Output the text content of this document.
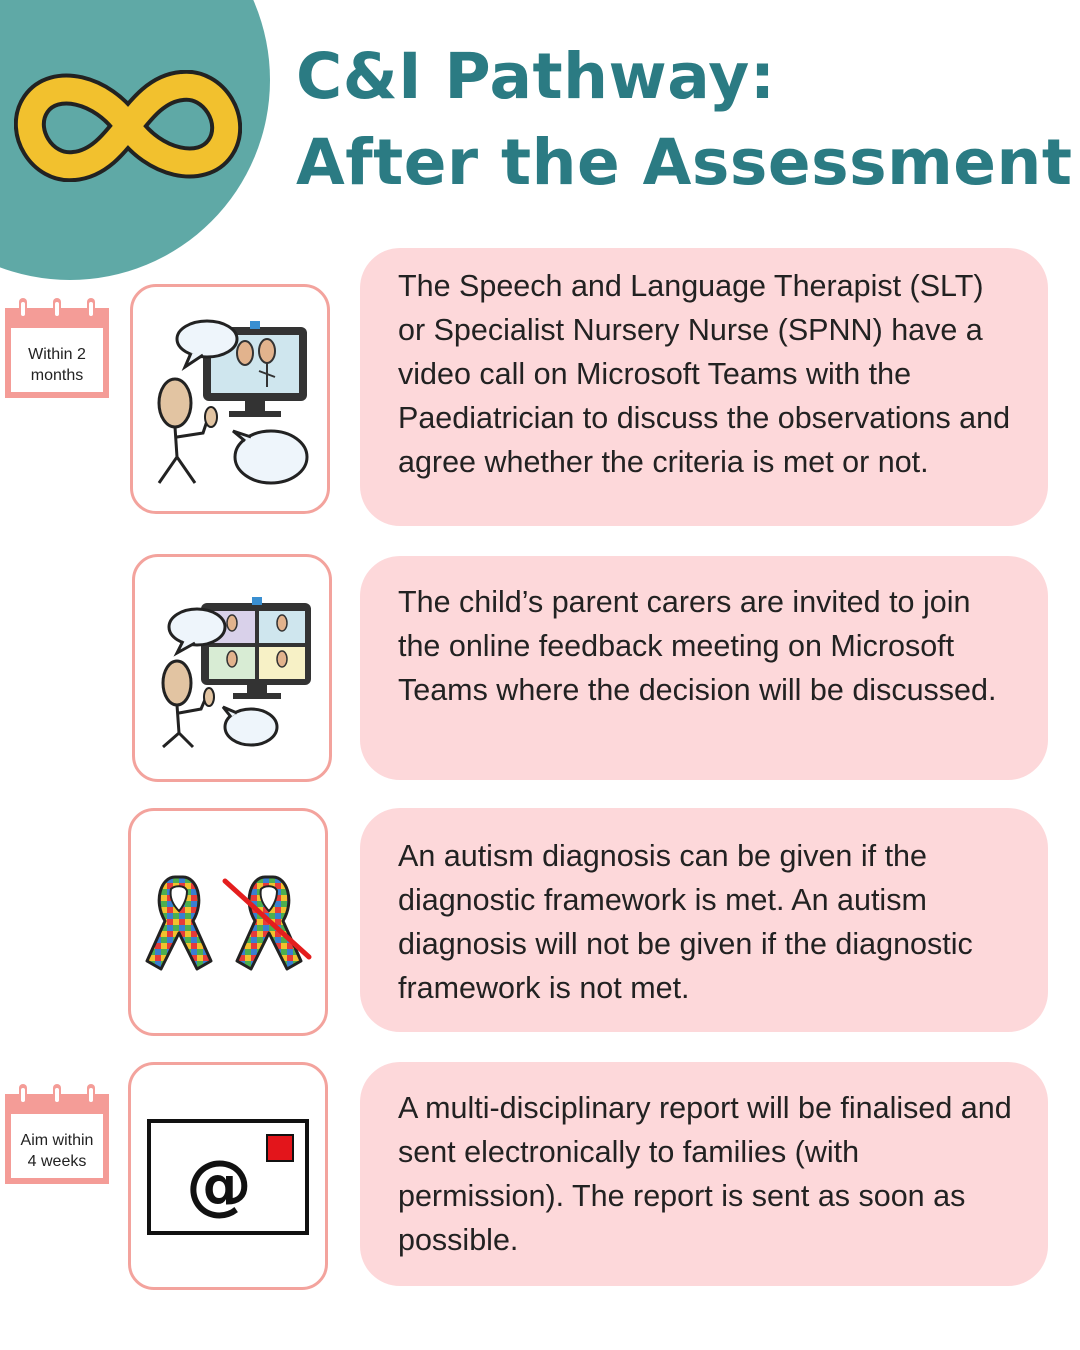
C&I Pathway:
After the Assessment
Within 2 months
The Speech and Language Therapist (SLT) or Specialist Nursery Nurse (SPNN) have a video call on Microsoft Teams with the Paediatrician to discuss the observations and agree whether the criteria is met or not.
The child’s parent carers are invited to join the online feedback meeting on Microsoft Teams where the decision will be discussed.
An autism diagnosis can be given if the diagnostic framework is met. An autism diagnosis will not be given if the diagnostic framework is not met.
Aim within 4 weeks @
A multi-disciplinary report will be finalised and sent electronically to families (with permission). The report is sent as soon as possible.
